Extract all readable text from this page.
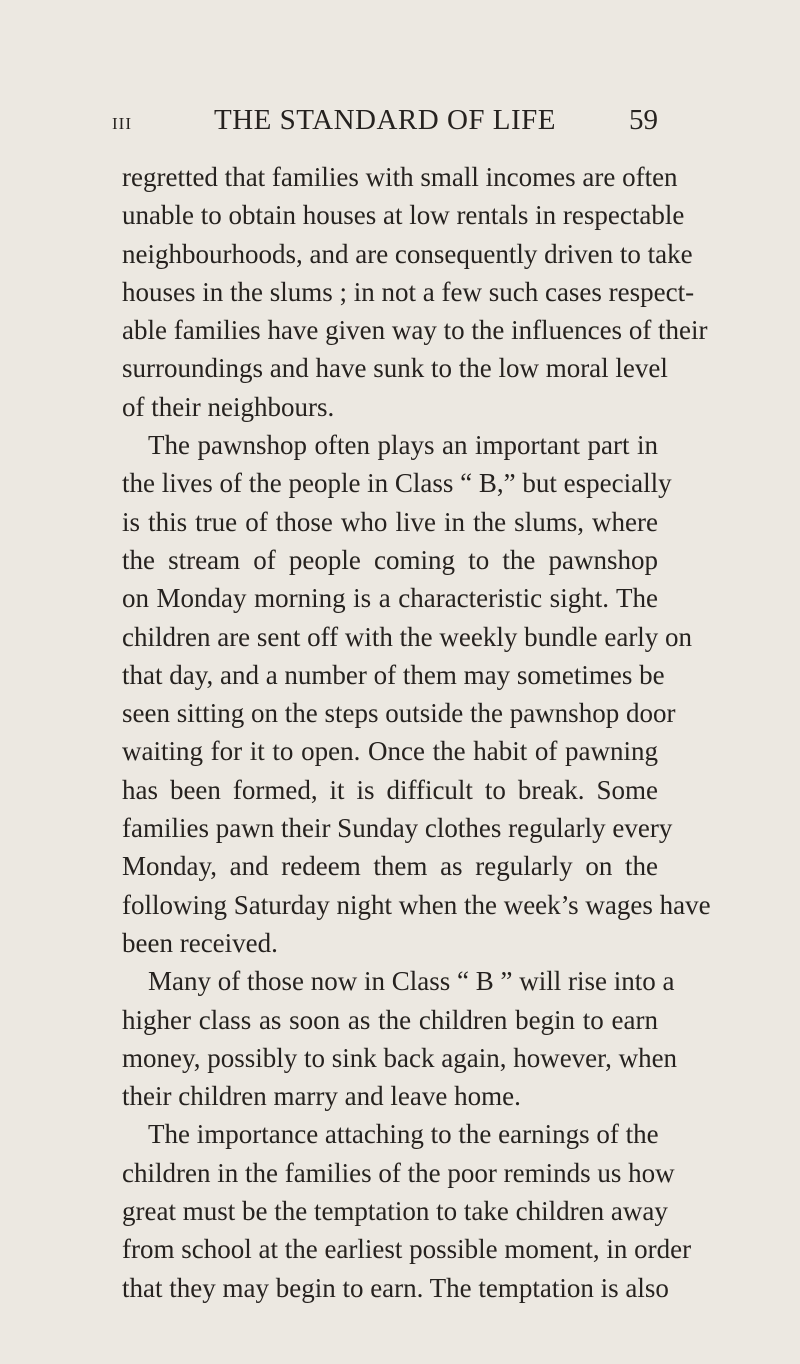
III	THE STANDARD OF LIFE	59
regretted that families with small incomes are often
unable to obtain houses at low rentals in respectable
neighbourhoods, and are consequently driven to take
houses in the slums ; in not a few such cases respect-
able families have given way to the influences of their
surroundings and have sunk to the low moral level
of their neighbours.
The pawnshop often plays an important part in
the lives of the people in Class “ B,” but especially
is this true of those who live in the slums, where
the stream of people coming to the pawnshop
on Monday morning is a characteristic sight. The
children are sent off with the weekly bundle early on
that day, and a number of them may sometimes be
seen sitting on the steps outside the pawnshop door
waiting for it to open. Once the habit of pawning
has been formed, it is difficult to break. Some
families pawn their Sunday clothes regularly every
Monday, and redeem them as regularly on the
following Saturday night when the week’s wages have
been received.
Many of those now in Class “ B ” will rise into a
higher class as soon as the children begin to earn
money, possibly to sink back again, however, when
their children marry and leave home.
The importance attaching to the earnings of the
children in the families of the poor reminds us how
great must be the temptation to take children away
from school at the earliest possible moment, in order
that they may begin to earn. The temptation is also
